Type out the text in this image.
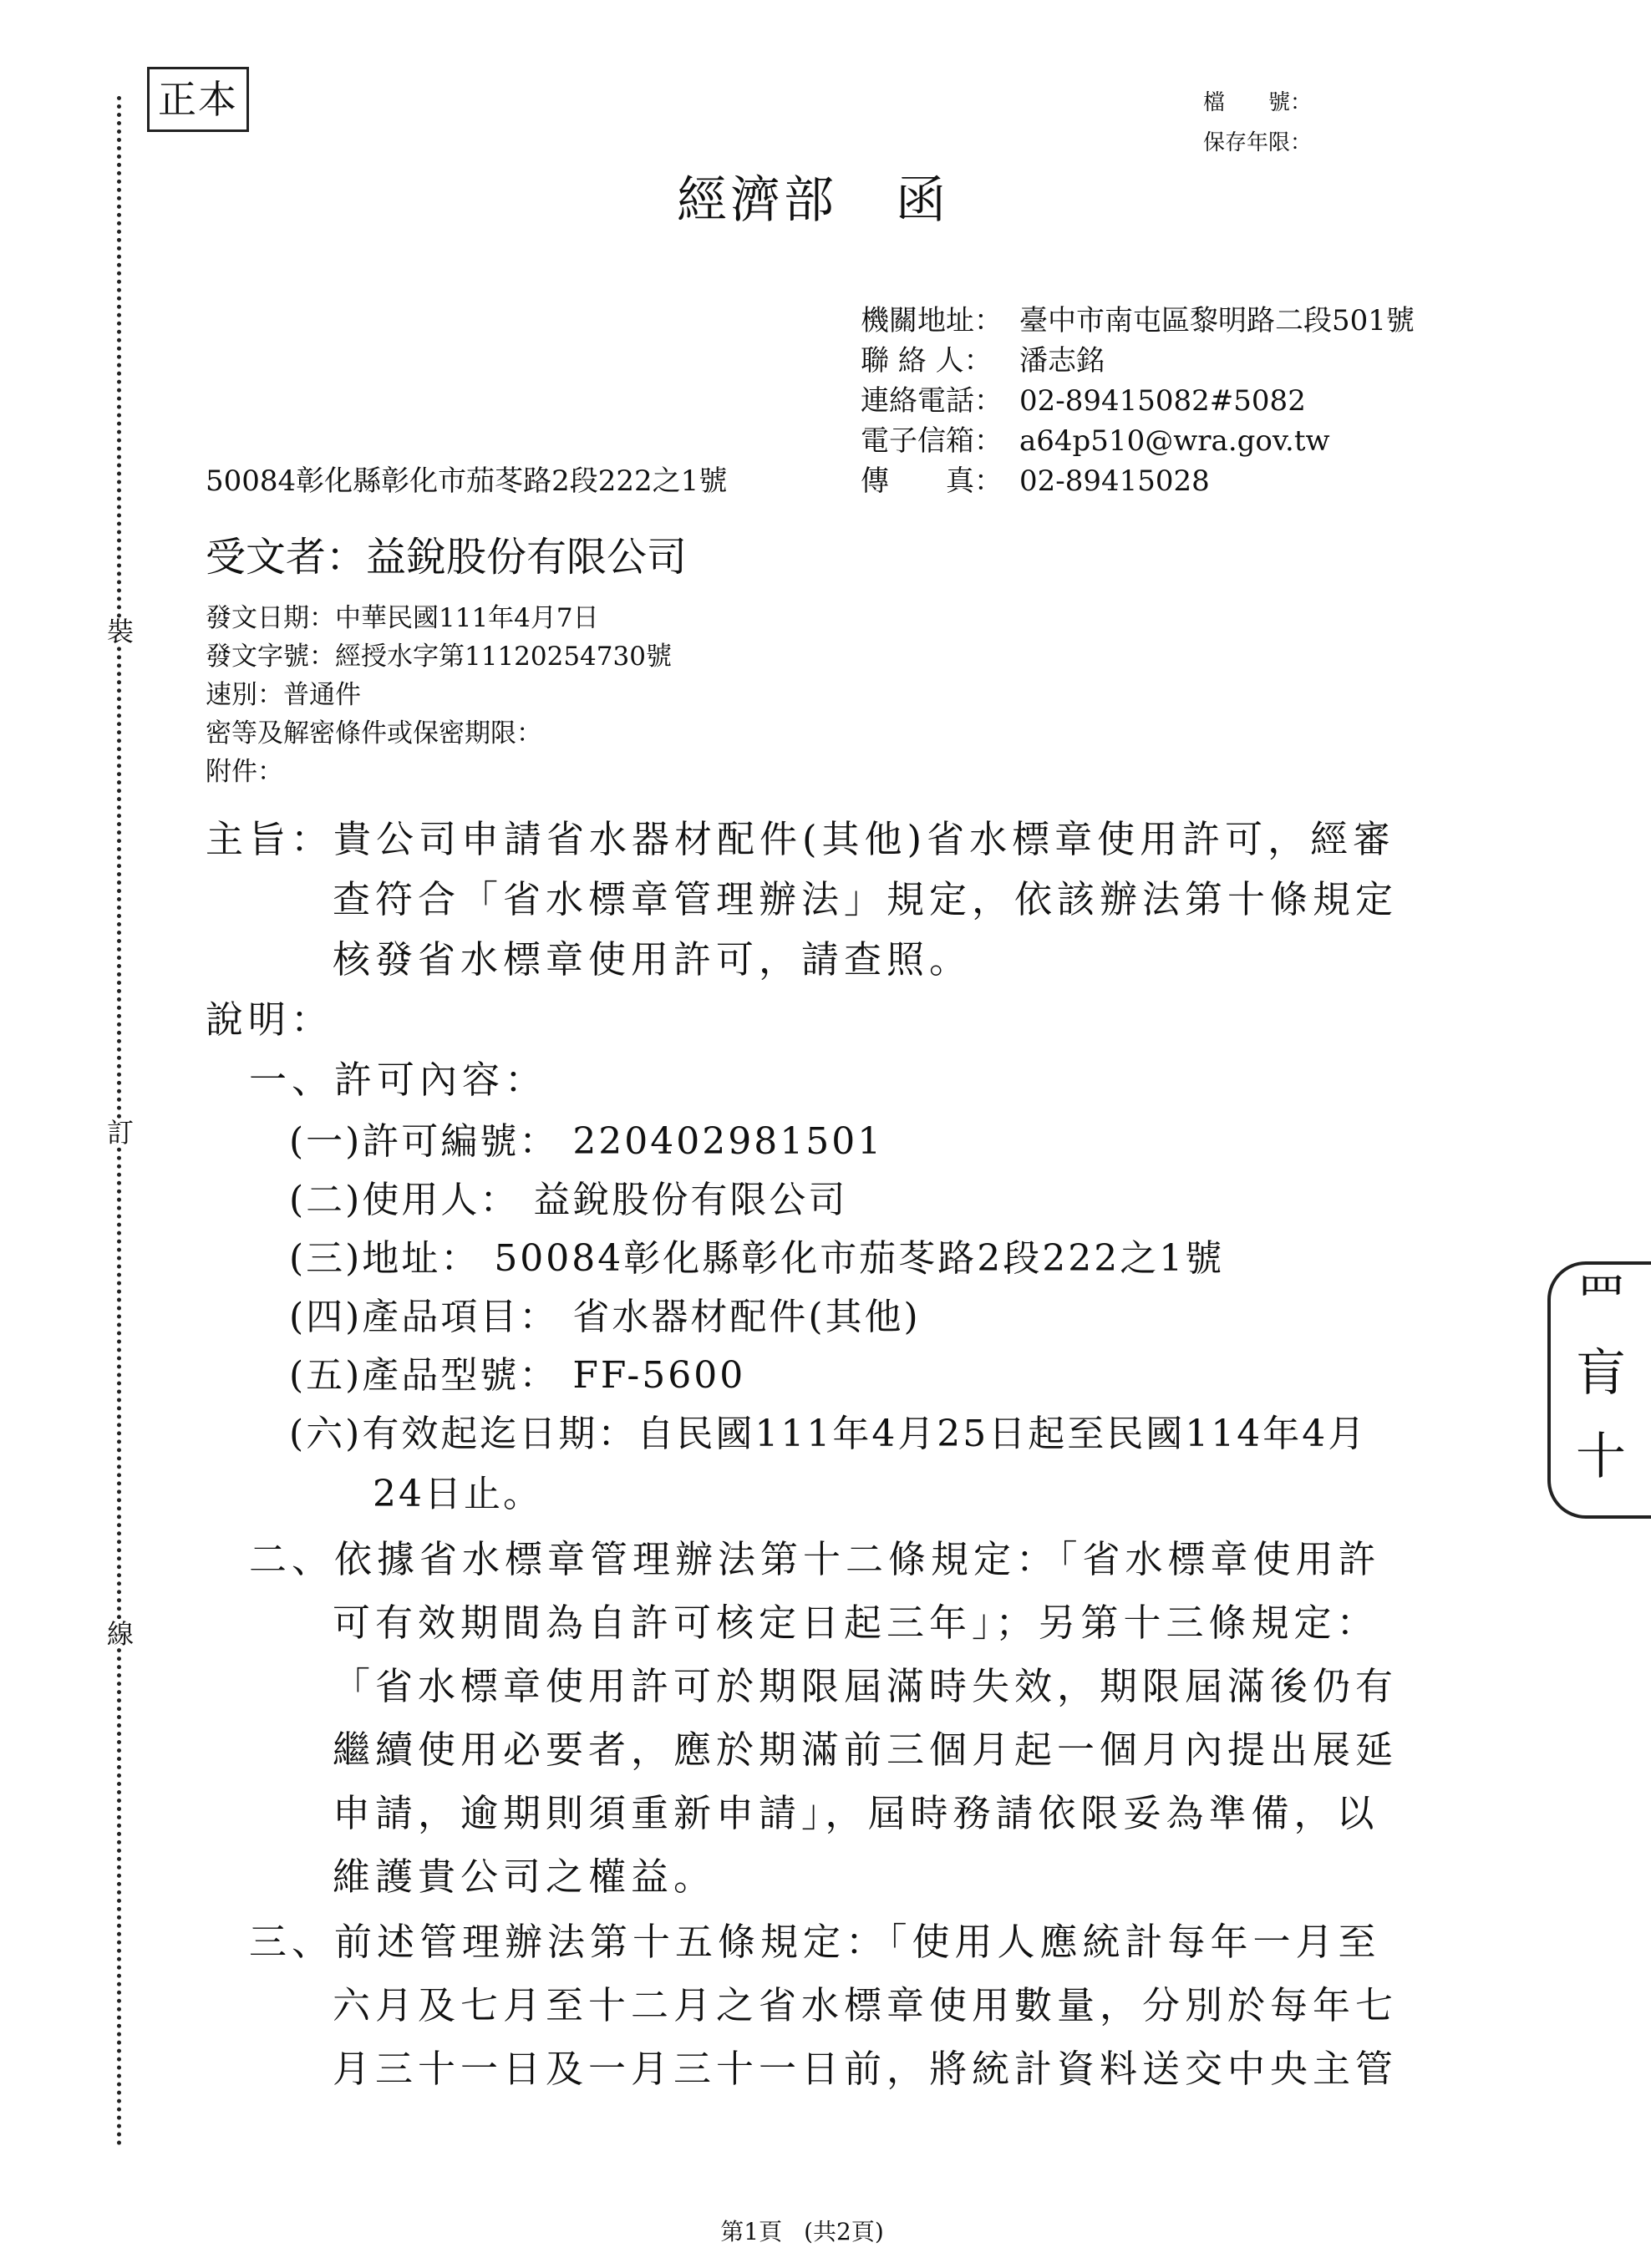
裝
訂
線
罒
肓
十
正本	檔　　號：
保存年限：
經濟部 函
機關地址： 臺中市南屯區黎明路二段501號
聯 絡 人： 潘志銘
連絡電話： 02-89415082#5082
電子信箱： a64p510@wra.gov.tw
傳　　真： 02-89415028
50084彰化縣彰化市茄苳路2段222之1號
受文者：益銳股份有限公司
發文日期：中華民國111年4月7日
發文字號：經授水字第11120254730號
速別：普通件
密等及解密條件或保密期限：
附件：
主旨：貴公司申請省水器材配件(其他)省水標章使用許可，經審
查符合「省水標章管理辦法」規定，依該辦法第十條規定
核發省水標章使用許可，請查照。
說明：
一、許可內容：
(一)許可編號： 220402981501
(二)使用人： 益銳股份有限公司
(三)地址： 50084彰化縣彰化市茄苳路2段222之1號
(四)產品項目： 省水器材配件(其他)
(五)產品型號： FF-5600
(六)有效起迄日期：自民國111年4月25日起至民國114年4月
24日止。
二、依據省水標章管理辦法第十二條規定：「省水標章使用許
可有效期間為自許可核定日起三年」；另第十三條規定：
「省水標章使用許可於期限屆滿時失效，期限屆滿後仍有
繼續使用必要者，應於期滿前三個月起一個月內提出展延
申請，逾期則須重新申請」，屆時務請依限妥為準備，以
維護貴公司之權益。
三、前述管理辦法第十五條規定：「使用人應統計每年一月至
六月及七月至十二月之省水標章使用數量，分別於每年七
月三十一日及一月三十一日前，將統計資料送交中央主管
第1頁 (共2頁)
